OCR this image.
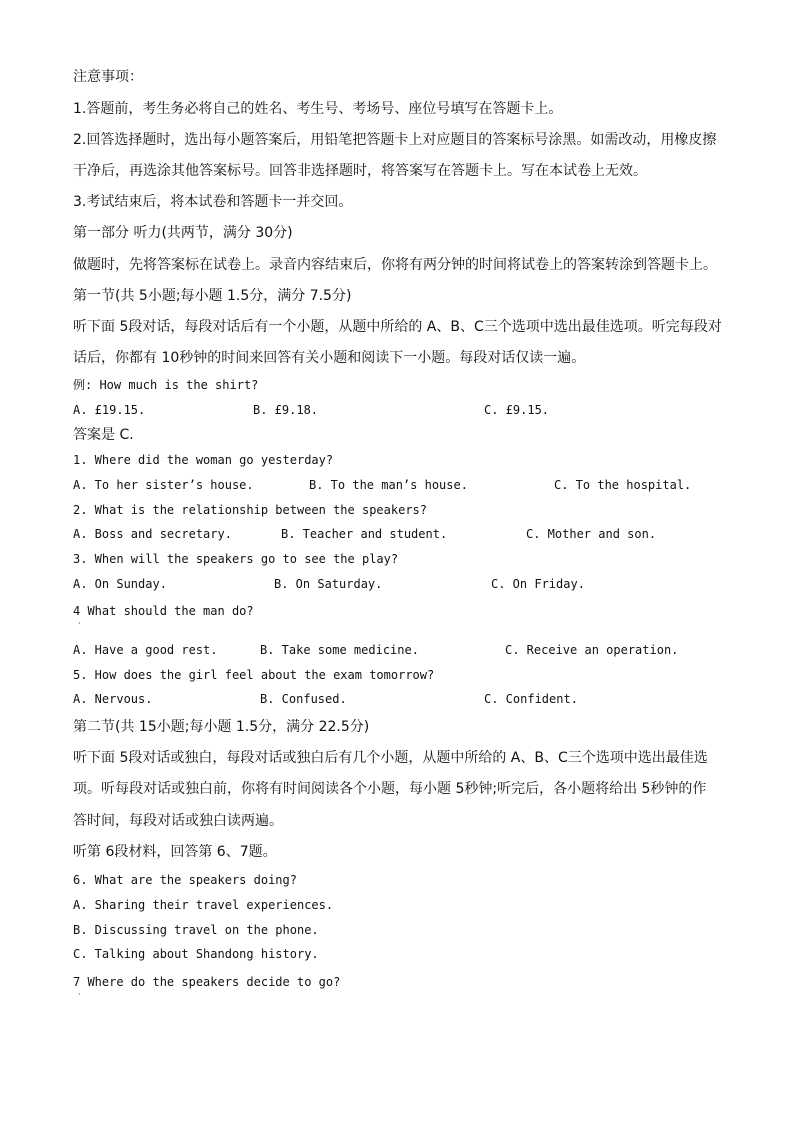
注意事项：
1.答题前，考生务必将自己的姓名、考生号、考场号、座位号填写在答题卡上。
2.回答选择题时，选出每小题答案后，用铅笔把答题卡上对应题目的答案标号涂黑。如需改动，用橡皮擦
干净后，再选涂其他答案标号。回答非选择题时，将答案写在答题卡上。写在本试卷上无效。
3.考试结束后，将本试卷和答题卡一并交回。
第一部分 听力(共两节，满分 30分)
做题时，先将答案标在试卷上。录音内容结束后，你将有两分钟的时间将试卷上的答案转涂到答题卡上。
第一节(共 5小题;每小题 1.5分，满分 7.5分)
听下面 5段对话，每段对话后有一个小题，从题中所给的 A、B、C三个选项中选出最佳选项。听完每段对
话后，你都有 10秒钟的时间来回答有关小题和阅读下一小题。每段对话仅读一遍。
例: How much is the shirt?
A. £19.15.	B. £9.18.	C. £9.15.
答案是 C.
1. Where did the woman go yesterday?
A. To her sister’s house.	B. To the man’s house.	C. To the hospital.
2. What is the relationship between the speakers?
A. Boss and secretary.	B. Teacher and student.	C. Mother and son.
3. When will the speakers go to see the play?
A. On Sunday.	B. On Saturday.	C. On Friday.
4 What should the man do?
·
A. Have a good rest.	B. Take some medicine.	C. Receive an operation.
5. How does the girl feel about the exam tomorrow?
A. Nervous.	B. Confused.	C. Confident.
第二节(共 15小题;每小题 1.5分，满分 22.5分)
听下面 5段对话或独白，每段对话或独白后有几个小题，从题中所给的 A、B、C三个选项中选出最佳选
项。听每段对话或独白前，你将有时间阅读各个小题，每小题 5秒钟;听完后，各小题将给出 5秒钟的作
答时间，每段对话或独白读两遍。
听第 6段材料，回答第 6、7题。
6. What are the speakers doing?
A. Sharing their travel experiences.
B. Discussing travel on the phone.
C. Talking about Shandong history.
7 Where do the speakers decide to go?
·
